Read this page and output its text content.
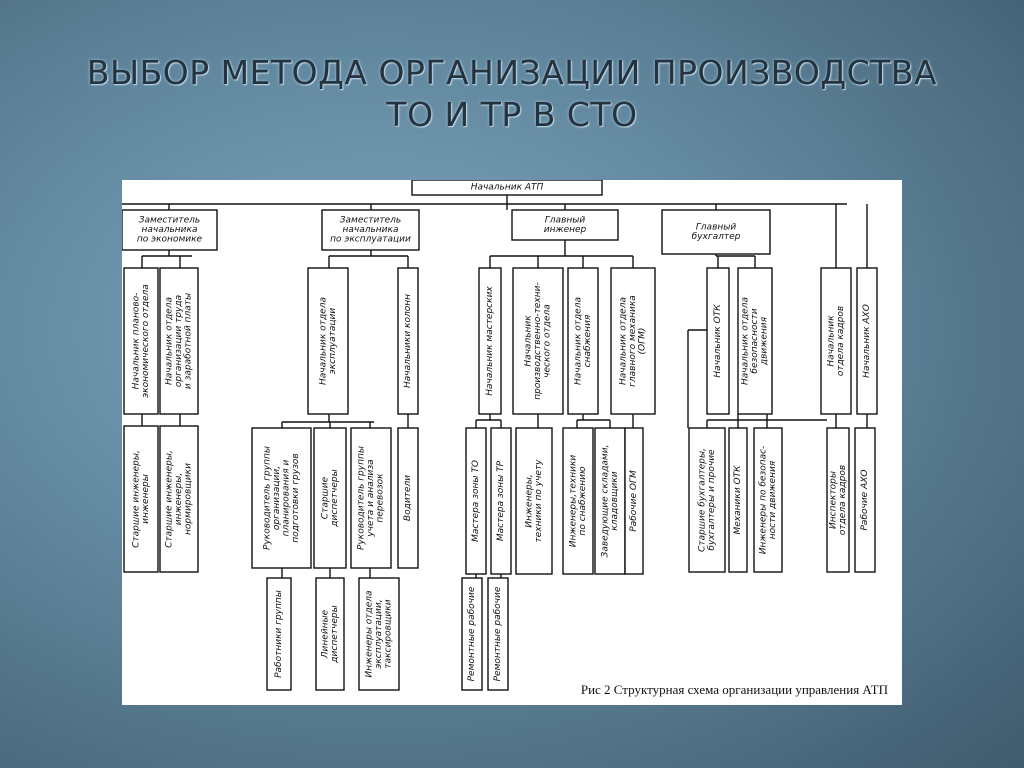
ВЫБОР МЕТОДА ОРГАНИЗАЦИИ ПРОИЗВОДСТВА
ТО И ТР В СТО
Начальник АТП
Заместитель
начальника
по экономике
Заместитель
начальника
по эксплуатации
Главный
инженер	Главный
бухгалтер
Начальник планово- экономического отдела Начальник отдела организации труда и заработной платы	Начальник отдела эксплуатации	Начальники колонн	Начальник мастерских	Начальник производственно-техни- ческого отдела Начальник отдела снабжения	Начальник отдела главного механика (ОГМ)	Начальник ОТК Начальник отдела безопасности движения	Начальник отдела кадров Начальник АХО
Старшие инженеры, инженеры Старшие инженеры, инженеры, нормировщики	Руководитель группы организации, планирования и подготовки грузов Старшие диспетчеры Руководитель группы учета и анализа перевозок Водители	Мастера зоны ТО Мастера зоны ТР Инженеры, техники по учету	Инженеры,техники по снабжению Заведующие складами, кладовщики Рабочие ОГМ	Старшие бухгалтеры, бухгалтеры и прочие Механики ОТК Инженеры по безопас- ности движения	Инспекторы отдела кадров Рабочие АХО
Работники группы	Линейные диспетчеры	Инженеры отдела эксплуатации, таксировщики	Ремонтные рабочие Ремонтные рабочие

Рис 2 Структурная схема организации управления АТП
